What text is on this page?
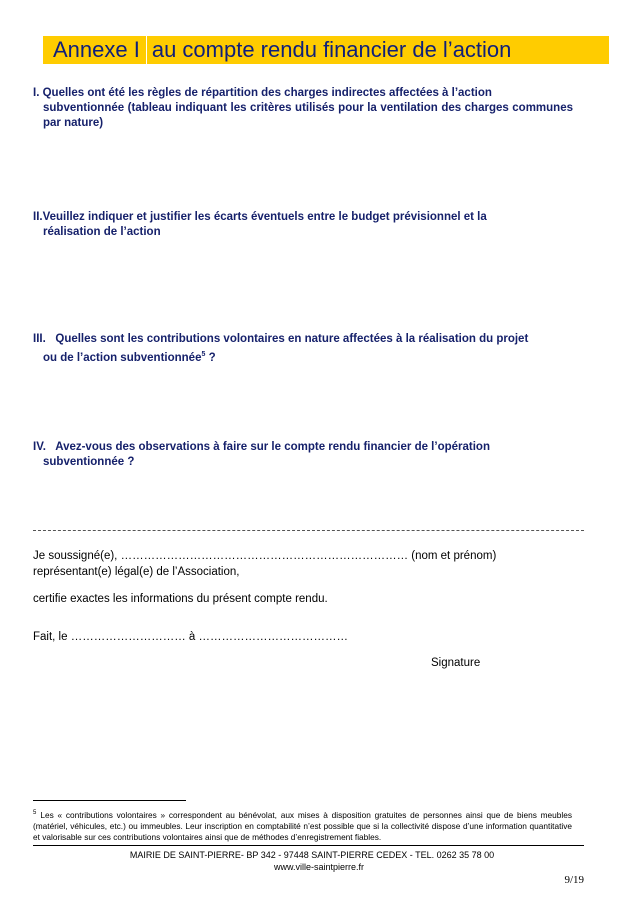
Annexe I au compte rendu financier de l’action
I. Quelles ont été les règles de répartition des charges indirectes affectées à l’action
subventionnée (tableau indiquant les critères utilisés pour la ventilation des charges communes par nature)
II.Veuillez indiquer et justifier les écarts éventuels entre le budget prévisionnel et la
réalisation de l’action
III. Quelles sont les contributions volontaires en nature affectées à la réalisation du projet
ou de l’action subventionnée$^5$ ?
IV. Avez-vous des observations à faire sur le compte rendu financier de l’opération
subventionnée ?
Je soussigné(e), ………………………………………………………………… (nom et prénom)
représentant(e) légal(e) de l’Association,
certifie exactes les informations du présent compte rendu.
Fait, le ………………………… à …………………………………
Signature
$^5$ Les « contributions volontaires » correspondent au bénévolat, aux mises à disposition gratuites de personnes ainsi que de biens meubles (matériel, véhicules, etc.) ou immeubles. Leur inscription en comptabilité n’est possible que si la collectivité dispose d’une information quantitative et valorisable sur ces contributions volontaires ainsi que de méthodes d’enregistrement fiables.
MAIRIE DE SAINT-PIERRE- BP 342 - 97448 SAINT-PIERRE CEDEX - TEL. 0262 35 78 00
www.ville-saintpierre.fr
9/19
